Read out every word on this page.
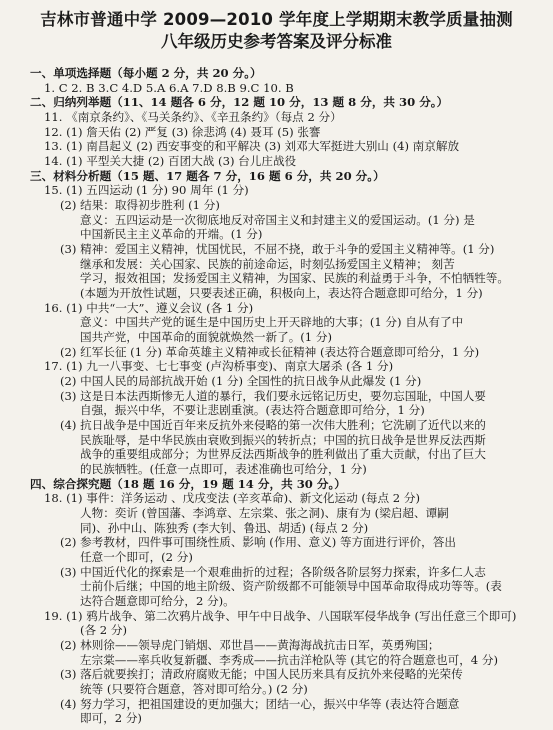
吉林市普通中学 2009—2010 学年度上学期期末教学质量抽测
八年级历史参考答案及评分标准
一、单项选择题（每小题 2 分，共 20 分。）
1. C 2. B 3.C 4.D 5.A 6.A 7.D 8.B 9.C 10. B
二、归纳列举题（11、14 题各 6 分，12 题 10 分，13 题 8 分，共 30 分。）
11. 《南京条约》、《马关条约》、《辛丑条约》（每点 2 分）
12. (1) 詹天佑 (2) 严复 (3) 徐悲鸿 (4) 聂耳 (5) 张謇
13. (1) 南昌起义 (2) 西安事变的和平解决 (3) 刘邓大军挺进大别山 (4) 南京解放
14. (1) 平型关大捷 (2) 百团大战 (3) 台儿庄战役
三、材料分析题（15 题、17 题各 7 分，16 题 6 分，共 20 分。）
15. (1) 五四运动 (1 分) 90 周年 (1 分)
(2) 结果：取得初步胜利 (1 分)
意义：五四运动是一次彻底地反对帝国主义和封建主义的爱国运动。(1 分) 是
中国新民主主义革命的开端。(1 分)
(3) 精神：爱国主义精神，忧国忧民，不屈不挠，敢于斗争的爱国主义精神等。(1 分)
继承和发展：关心国家、民族的前途命运，时刻弘扬爱国主义精神； 刻苦
学习，报效祖国；发扬爱国主义精神，为国家、民族的利益勇于斗争，不怕牺牲等。
(本题为开放性试题，只要表述正确，积极向上，表达符合题意即可给分，1 分)
16. (1) 中共“一大”、遵义会议 (各 1 分)
意义：中国共产党的诞生是中国历史上开天辟地的大事；(1 分) 自从有了中
国共产党，中国革命的面貌就焕然一新了。(1 分)
(2) 红军长征 (1 分) 革命英雄主义精神或长征精神 (表达符合题意即可给分，1 分)
17. (1) 九一八事变、七七事变 (卢沟桥事变)、南京大屠杀 (各 1 分)
(2) 中国人民的局部抗战开始 (1 分) 全国性的抗日战争从此爆发 (1 分)
(3) 这是日本法西斯惨无人道的暴行，我们要永远铭记历史，要勿忘国耻，中国人要
自强，振兴中华，不要让悲剧重演。(表达符合题意即可给分，1 分)
(4) 抗日战争是中国近百年来反抗外来侵略的第一次伟大胜利；它洗刷了近代以来的
民族耻辱，是中华民族由衰败到振兴的转折点；中国的抗日战争是世界反法西斯
战争的重要组成部分；为世界反法西斯战争的胜利做出了重大贡献，付出了巨大
的民族牺牲。(任意一点即可，表述准确也可给分，1 分)
四、综合探究题（18 题 16 分，19 题 14 分，共 30 分。）
18. (1) 事件：洋务运动 、戊戌变法 (辛亥革命)、新文化运动 (每点 2 分)
人物：奕䜣 (曾国藩、李鸿章、左宗棠、张之洞)、康有为 (梁启超、谭嗣
同)、孙中山、陈独秀 (李大钊、鲁迅、胡适) (每点 2 分)
(2) 参考教材，四件事可围绕性质、影响 (作用、意义) 等方面进行评价，答出
任意一个即可，(2 分)
(3) 中国近代化的探索是一个艰难曲折的过程；各阶级各阶层努力探索，许多仁人志
士前仆后继；中国的地主阶级、资产阶级都不可能领导中国革命取得成功等等。(表
达符合题意即可给分，2 分)。
19. (1) 鸦片战争、第二次鸦片战争、甲午中日战争、八国联军侵华战争 (写出任意三个即可)
(各 2 分)
(2) 林则徐——领导虎门销烟、邓世昌——黄海海战抗击日军，英勇殉国；
左宗棠——率兵收复新疆、李秀成——抗击洋枪队等 (其它的符合题意也可，4 分)
(3) 落后就要挨打；清政府腐败无能；中国人民历来具有反抗外来侵略的光荣传
统等 (只要符合题意，答对即可给分。) (2 分)
(4) 努力学习，把祖国建设的更加强大；团结一心，振兴中华等 (表达符合题意
即可，2 分)
